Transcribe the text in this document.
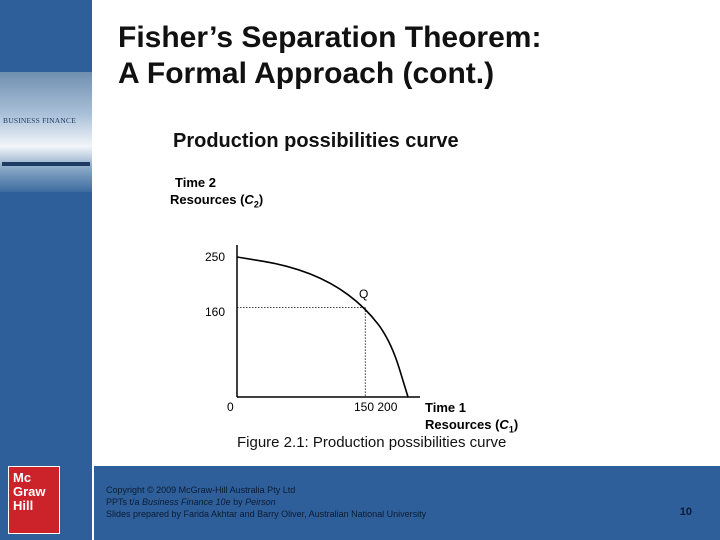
BUSINESS FINANCE
Mc
Graw
Hill
Fisher’s Separation Theorem:
A Formal Approach (cont.)
Production possibilities curve
Time 2
Resources $(C_2)$
Time 1
Resources $(C_1)$
250
160
0	150 200
Q
Figure 2.1: Production possibilities curve
Copyright © 2009 McGraw-Hill Australia Pty Ltd
PPTs t/a Business Finance 10e by Peirson
Slides prepared by Farida Akhtar and Barry Oliver, Australian National University	10
